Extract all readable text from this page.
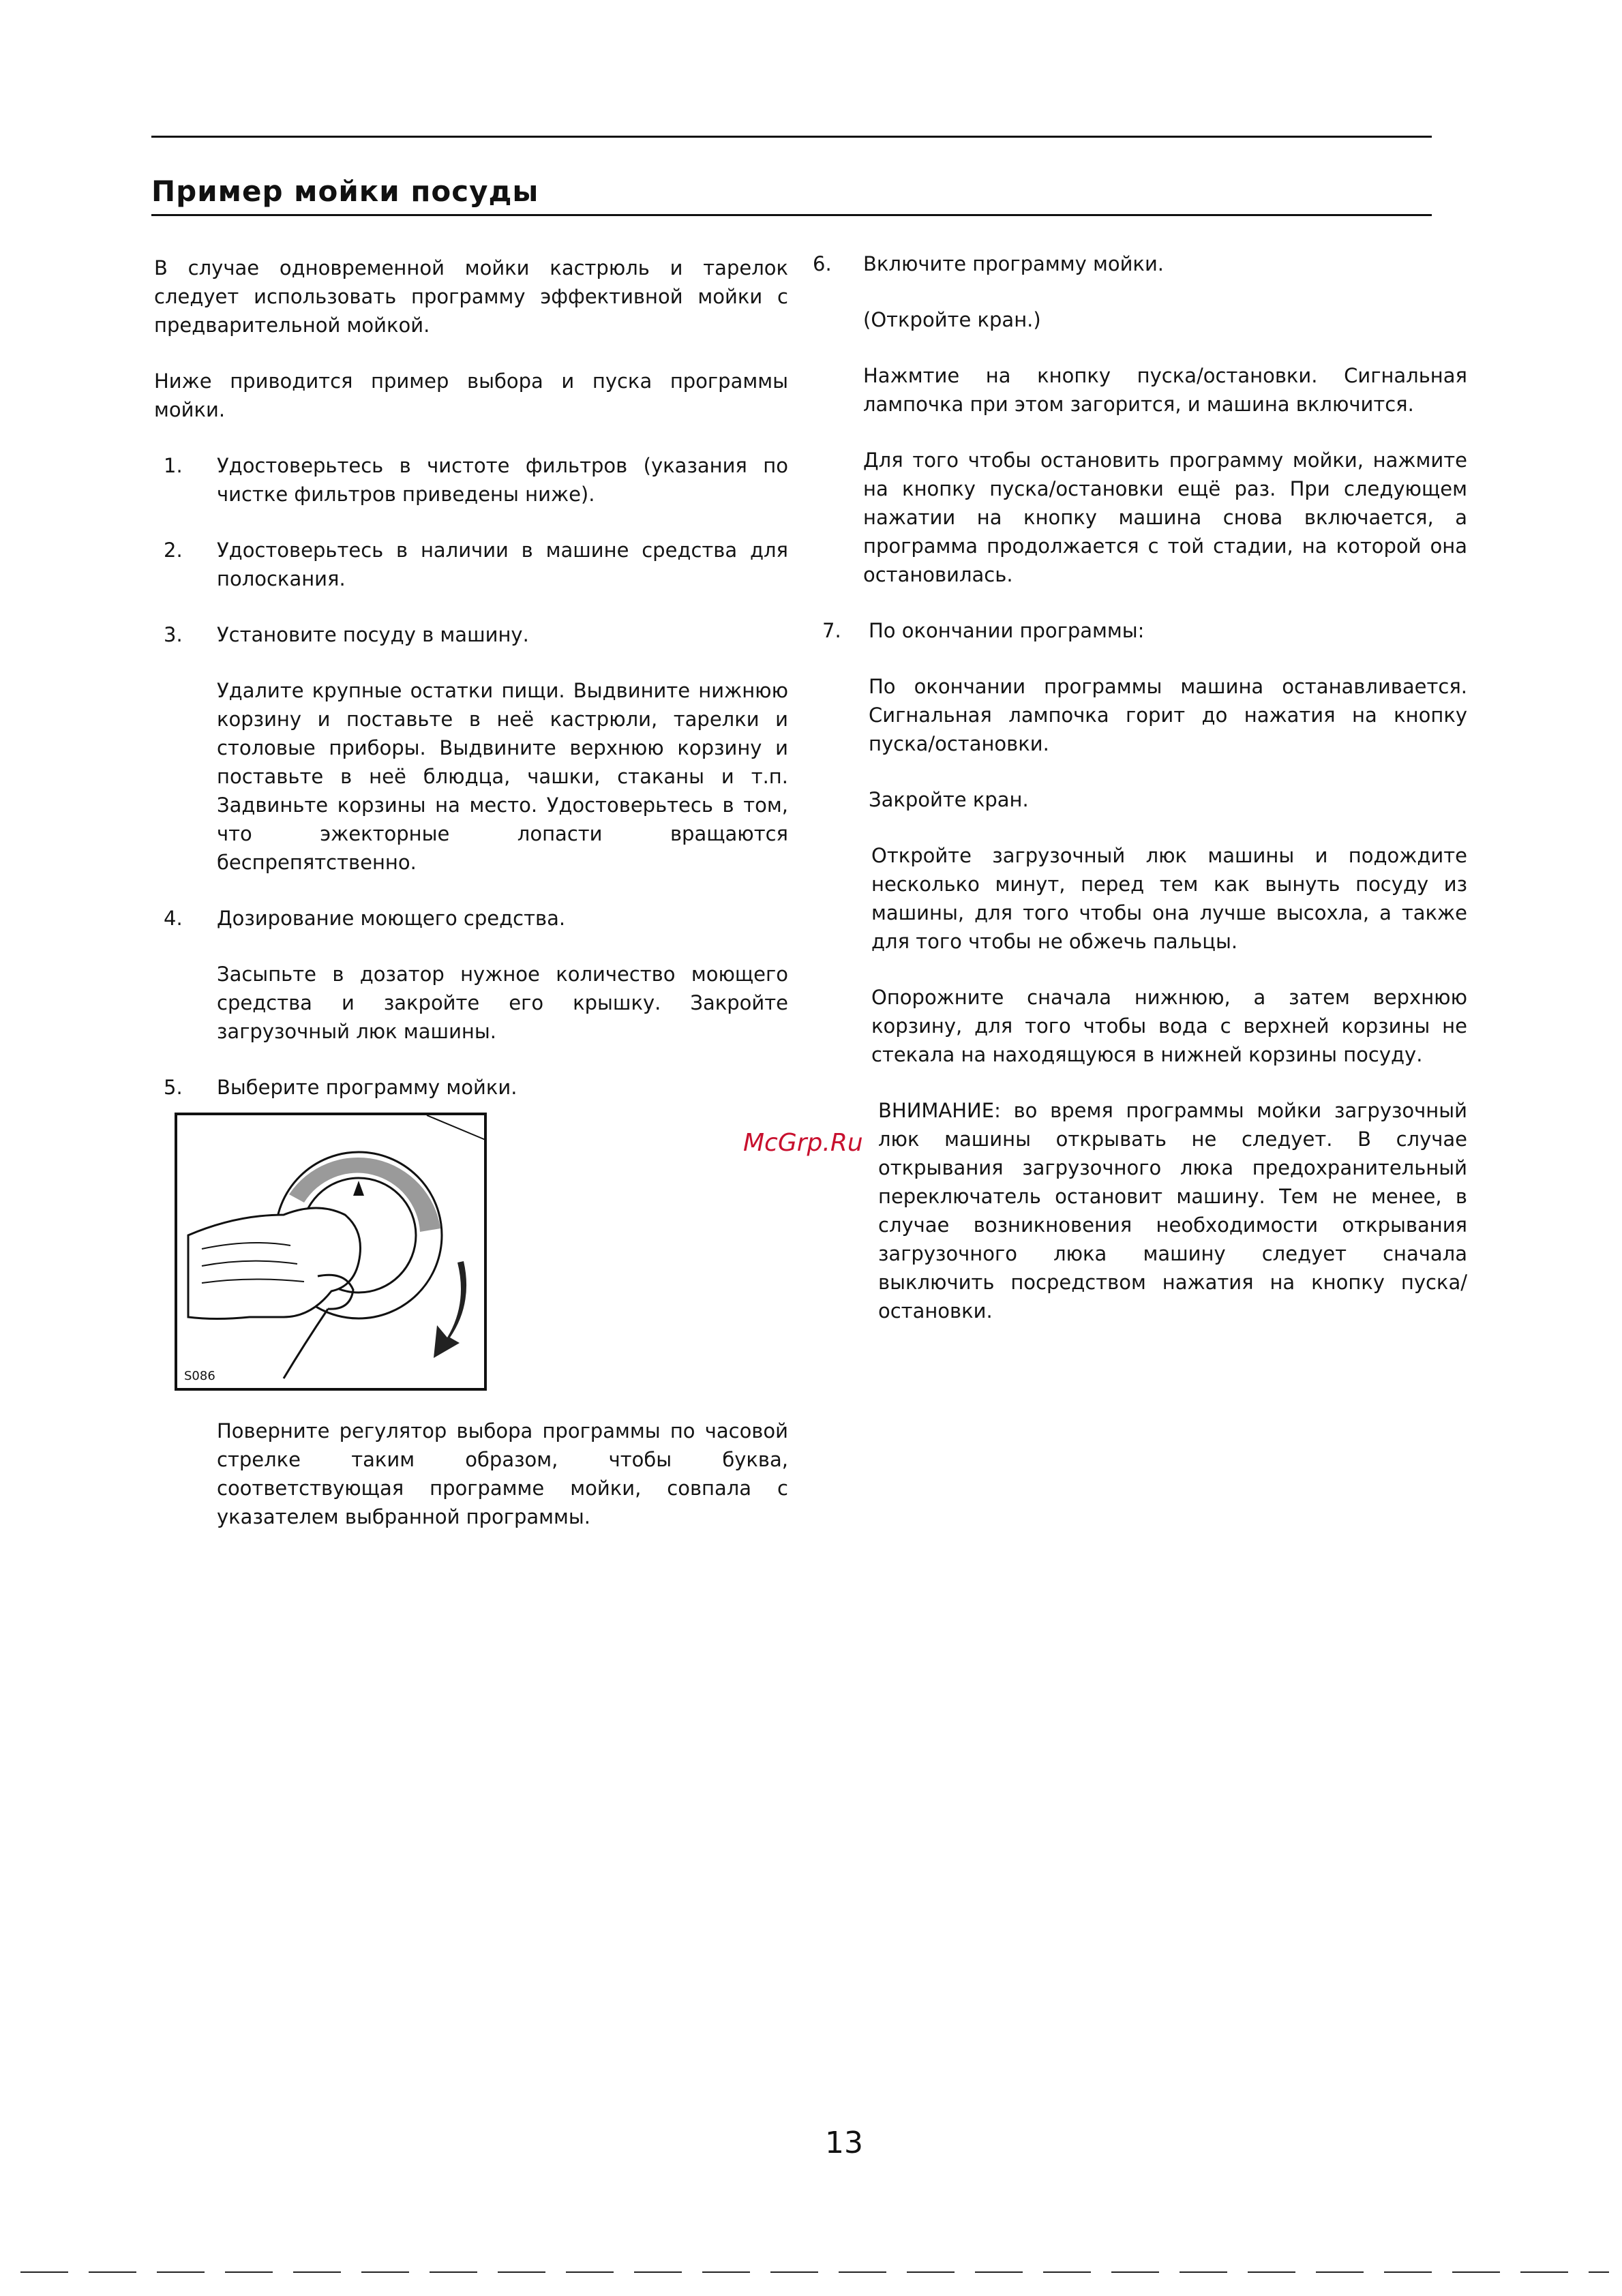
Пример мойки посуды

В случае одновременной мойки кастрюль и тарелок следует использовать программу эффективной мойки с предварительной мойкой.

Ниже приводится пример выбора и пуска программы мойки.

1. Удостоверьтесь в чистоте фильтров (указания по чистке фильтров приведены ниже).
2. Удостоверьтесь в наличии в машине средства для полоскания.
3. Установите посуду в машину.

Удалите крупные остатки пищи. Выдвините нижнюю корзину и поставьте в неё кастрюли, тарелки и столовые приборы. Выдвините верхнюю корзину и поставьте в неё блюдца, чашки, стаканы и т.п. Задвиньте корзины на место. Удостоверьтесь в том, что эжекторные лопасти вращаются беспрепятственно.

4. Дозирование моющего средства.

Засыпьте в дозатор нужное количество моющего средства и закройте его крышку. Закройте загрузочный люк машины.

5. Выберите программу мойки.
S086

Поверните регулятор выбора программы по часовой стрелке таким образом, чтобы буква, соответствующая программе мойки, совпала с указателем выбранной программы.

6. Включите программу мойки.

(Откройте кран.)

Нажмтие на кнопку пуска/остановки. Сигнальная лампочка при этом загорится, и машина включится.

Для того чтобы остановить программу мойки, нажмите на кнопку пуска/остановки ещё раз. При следующем нажатии на кнопку машина снова включается, а программа продолжается с той стадии, на которой она остановилась.

7. По окончании программы:

По окончании программы машина останавливается. Сигнальная лампочка горит до нажатия на кнопку пуска/остановки.

Закройте кран.

Откройте загрузочный люк машины и подождите несколько минут, перед тем как вынуть посуду из машины, для того чтобы она лучше высохла, а также для того чтобы не обжечь пальцы.

Опорожните сначала нижнюю, а затем верхнюю корзину, для того чтобы вода с верхней корзины не стекала на находящуюся в нижней корзины посуду.

ВНИМАНИЕ: во время программы мойки загрузочный люк машины открывать не следует. В случае открывания загрузочного люка предохранительный переключатель остановит машину. Тем не менее, в случае возникновения необходимости открывания загрузочного люка машину следует сначала выключить посредством нажатия на кнопку пуска/остановки.

McGrp.Ru
13
